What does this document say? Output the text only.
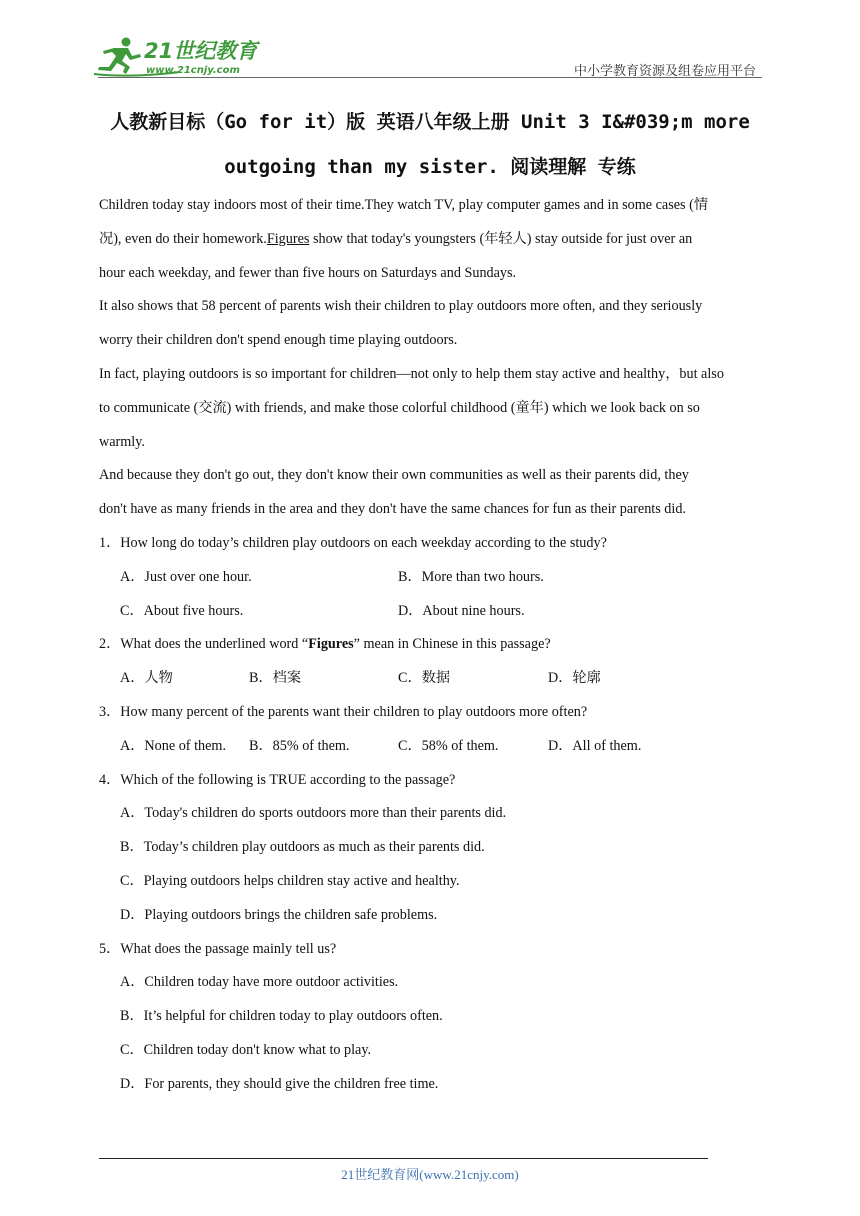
21世纪教育
www.21cnjy.com	中小学教育资源及组卷应用平台
人教新目标（Go for it）版 英语八年级上册 Unit 3 I&#039;m more
outgoing than my sister. 阅读理解 专练

Children today stay indoors most of their time.They watch TV, play computer games and in some cases (情

况), even do their homework.Figures show that today's youngsters (年轻人) stay outside for just over an

hour each weekday, and fewer than five hours on Saturdays and Sundays.

It also shows that 58 percent of parents wish their children to play outdoors more often, and they seriously

worry their children don't spend enough time playing outdoors.

In fact, playing outdoors is so important for children—not only to help them stay active and healthy，but also

to communicate (交流) with friends, and make those colorful childhood (童年) which we look back on so

warmly.

And because they don't go out, they don't know their own communities as well as their parents did, they

don't have as many friends in the area and they don't have the same chances for fun as their parents did.

1．How long do today’s children play outdoors on each weekday according to the study?

A．Just over one hour.	B．More than two hours.
C．About five hours.	D．About nine hours.

2．What does the underlined word “Figures” mean in Chinese in this passage?

A．人物	B．档案	C．数据	D．轮廓

3．How many percent of the parents want their children to play outdoors more often?

A．None of them. B．85% of them.	C．58% of them.	D．All of them.

4．Which of the following is TRUE according to the passage?

A．Today's children do sports outdoors more than their parents did.

B．Today’s children play outdoors as much as their parents did.

C．Playing outdoors helps children stay active and healthy.

D．Playing outdoors brings the children safe problems.

5．What does the passage mainly tell us?

A．Children today have more outdoor activities.

B．It’s helpful for children today to play outdoors often.

C．Children today don't know what to play.

D．For parents, they should give the children free time.

21世纪教育网(www.21cnjy.com)
